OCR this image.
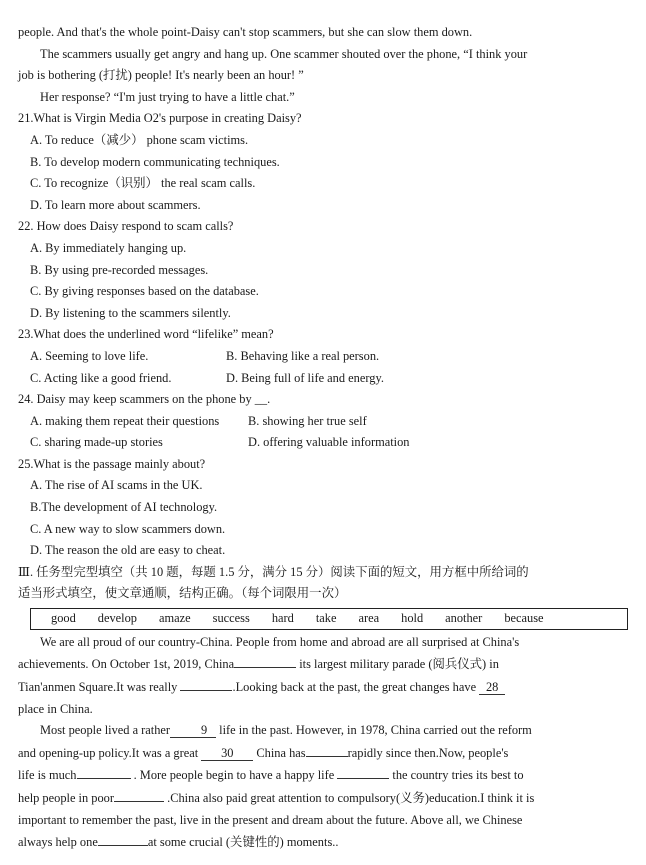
people. And that's the whole point-Daisy can't stop scammers, but she can slow them down.

The scammers usually get angry and hang up. One scammer shouted over the phone, “I think your

job is bothering (打扰) people! It's nearly been an hour! ”

Her response? “I'm just trying to have a little chat.”

21.What is Virgin Media O2's purpose in creating Daisy?

A. To reduce（减少） phone scam victims.

B. To develop modern communicating techniques.

C. To recognize（识别） the real scam calls.

D. To learn more about scammers.

22. How does Daisy respond to scam calls?

A. By immediately hanging up.

B. By using pre-recorded messages.

C. By giving responses based on the database.

D. By listening to the scammers silently.

23.What does the underlined word “lifelike” mean?

A. Seeming to love life.	B. Behaving like a real person.
C. Acting like a good friend.	D. Being full of life and energy.

24. Daisy may keep scammers on the phone by __.

A. making them repeat their questions	B. showing her true self
C. sharing made-up stories	D. offering valuable information

25.What is the passage mainly about?

A. The rise of AI scams in the UK.

B.The development of AI technology.

C. A new way to slow scammers down.

D. The reason the old are easy to cheat.

Ⅲ. 任务型完型填空（共 10 题，每题 1.5 分，满分 15 分）阅读下面的短文，用方框中所给词的

适当形式填空，使文章通顺，结构正确。（每个词限用一次）

good develop amaze success hard take area hold another because

We are all proud of our country-China. People from home and abroad are all surprised at China's

achievements. On October 1st, 2019, China	its largest military parade (阅兵仪式) in

Tian'anmen Square.It was really	.Looking back at the past, the great changes have 28

place in China.

Most people lived a rather 9 life in the past. However, in 1978, China carried out the reform

and opening-up policy.It was a great 30 China has	rapidly since then.Now, people's

life is much	. More people begin to have a happy life	the country tries its best to

help people in poor	.China also paid great attention to compulsory(义务)education.I think it is

important to remember the past, live in the present and dream about the future. Above all, we Chinese

always help one	at some crucial (关键性的) moments..
